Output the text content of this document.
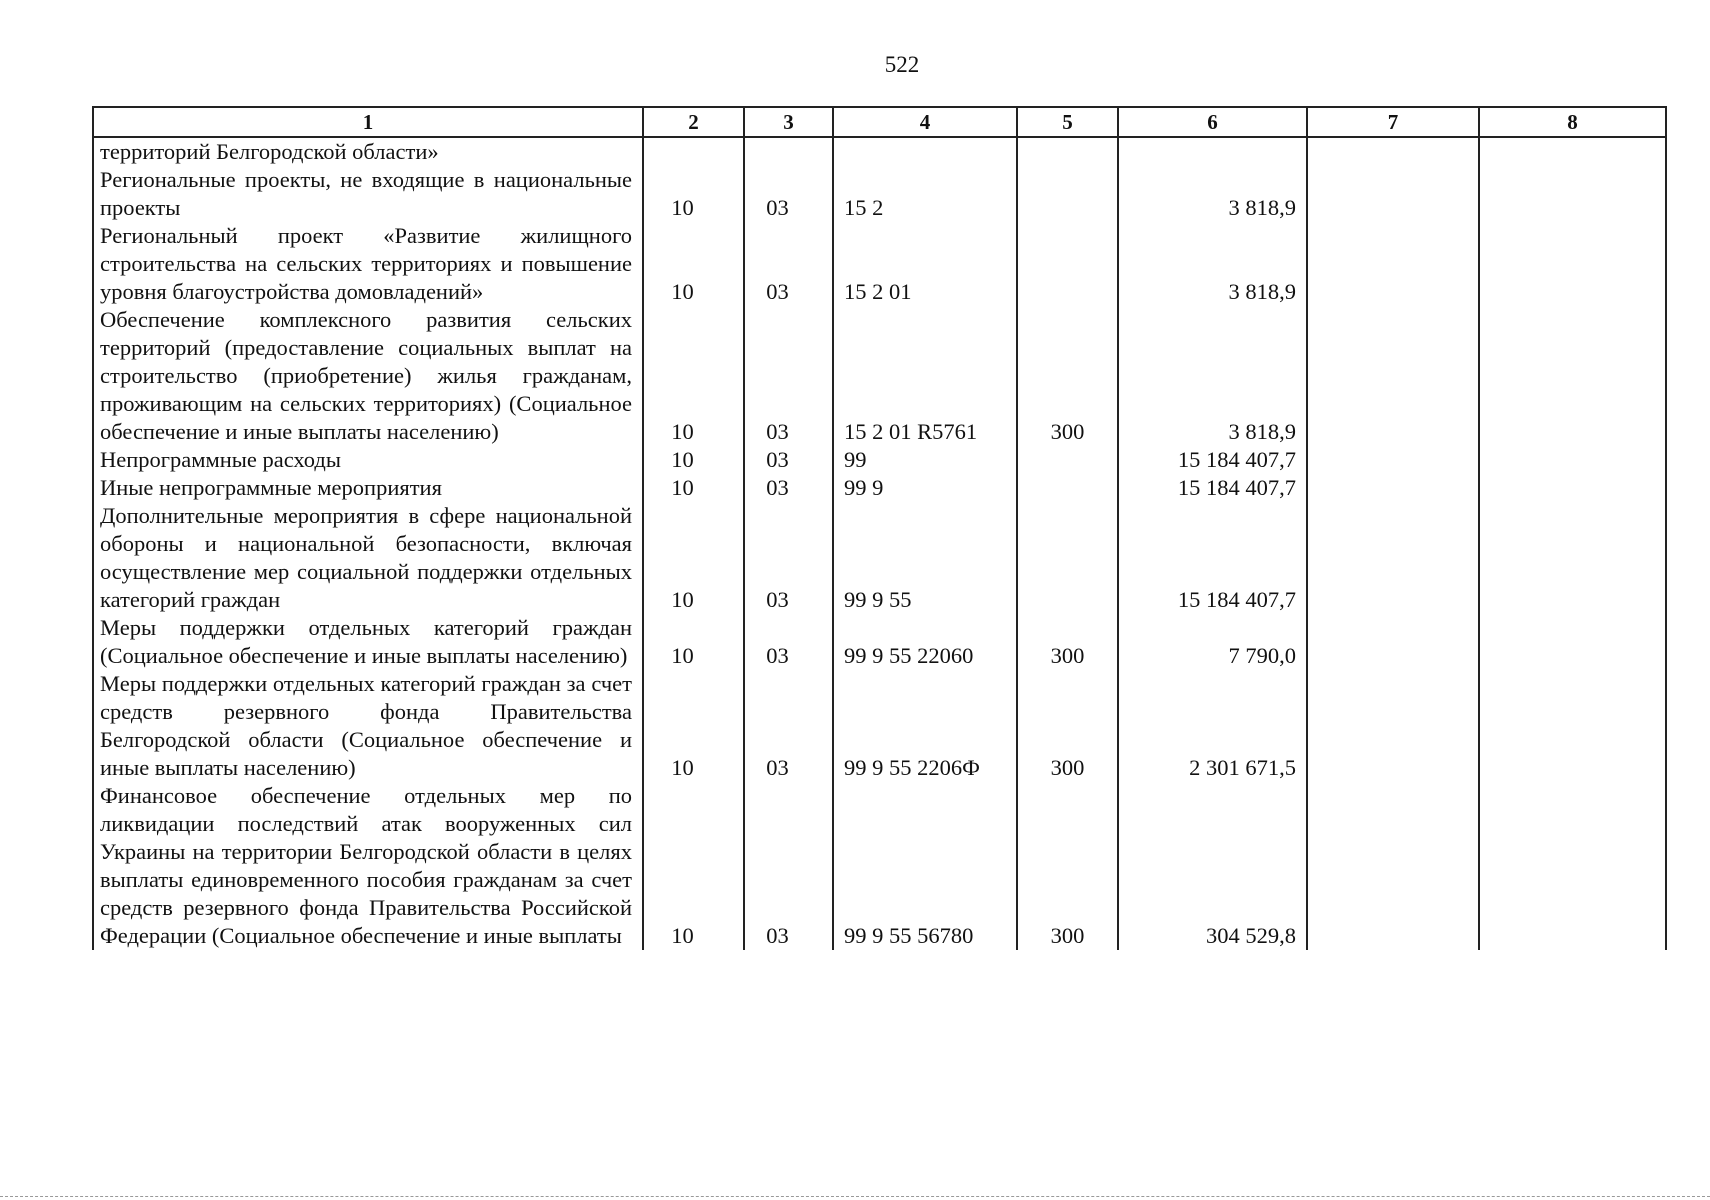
522
1	2	3	4	5	6	7	8
территорий Белгородской области»							
Региональные проекты, не входящие в национальные проекты	10	03	15 2		3 818,9		
Региональный проект «Развитие жилищного строительства на сельских территориях и повышение уровня благоустройства домовладений»	10	03	15 2 01		3 818,9		
Обеспечение комплексного развития сельских территорий (предоставление социальных выплат на строительство (приобретение) жилья гражданам, проживающим на сельских территориях) (Социальное обеспечение и иные выплаты населению)	10	03	15 2 01 R5761	300	3 818,9		
Непрограммные расходы	10	03	99		15 184 407,7		
Иные непрограммные мероприятия	10	03	99 9		15 184 407,7		
Дополнительные мероприятия в сфере национальной обороны и национальной безопасности, включая осуществление мер социальной поддержки отдельных категорий граждан	10	03	99 9 55		15 184 407,7		
Меры поддержки отдельных категорий граждан (Социальное обеспечение и иные выплаты населению)	10	03	99 9 55 22060	300	7 790,0		
Меры поддержки отдельных категорий граждан за счет средств резервного фонда Правительства Белгородской области (Социальное обеспечение и иные выплаты населению)	10	03	99 9 55 2206Ф	300	2 301 671,5		
Финансовое обеспечение отдельных мер по ликвидации последствий атак вооруженных сил Украины на территории Белгородской области в целях выплаты единовременного пособия гражданам за счет средств резервного фонда Правительства Российской Федерации (Социальное обеспечение и иные выплаты	10	03	99 9 55 56780	300	304 529,8		
